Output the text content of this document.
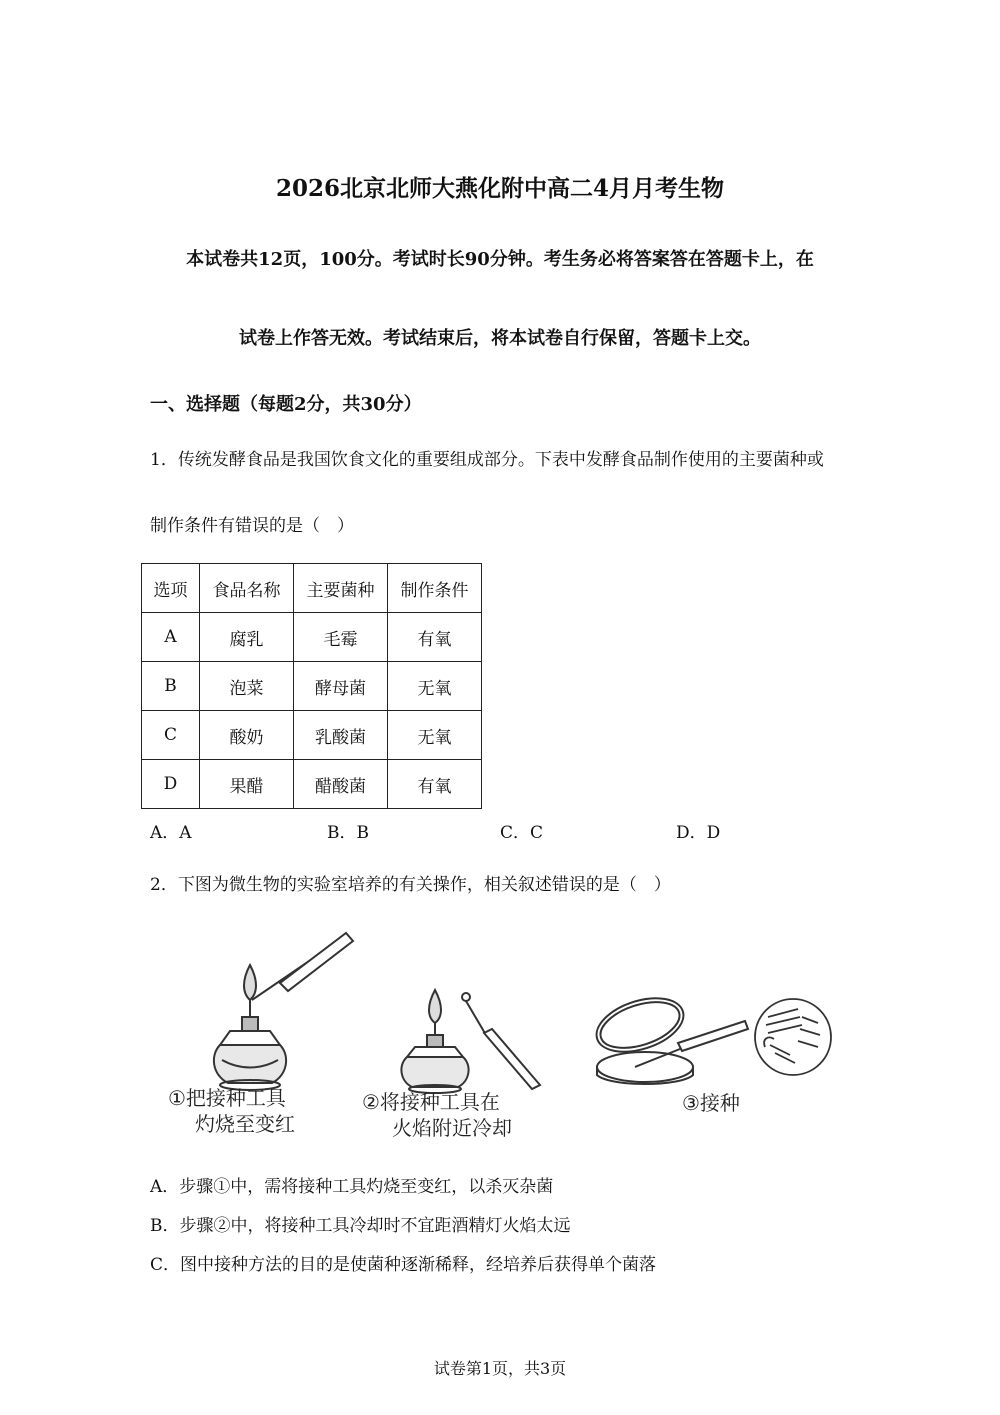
2026北京北师大燕化附中高二4月月考生物
本试卷共12页，100分。考试时长90分钟。考生务必将答案答在答题卡上，在
试卷上作答无效。考试结束后，将本试卷自行保留，答题卡上交。
一、选择题（每题2分，共30分）
1．传统发酵食品是我国饮食文化的重要组成部分。下表中发酵食品制作使用的主要菌种或
制作条件有错误的是（　）
选项	食品名称	主要菌种	制作条件
A	腐乳	毛霉	有氧
B	泡菜	酵母菌	无氧
C	酸奶	乳酸菌	无氧
D	果醋	醋酸菌	有氧
A．A	B．B	C．C	D．D
2．下图为微生物的实验室培养的有关操作，相关叙述错误的是（　）
①把接种工具
灼烧至变红
②将接种工具在
火焰附近冷却
③接种
A．步骤①中，需将接种工具灼烧至变红，以杀灭杂菌
B．步骤②中，将接种工具冷却时不宜距酒精灯火焰太远
C．图中接种方法的目的是使菌种逐渐稀释，经培养后获得单个菌落
试卷第1页，共3页
